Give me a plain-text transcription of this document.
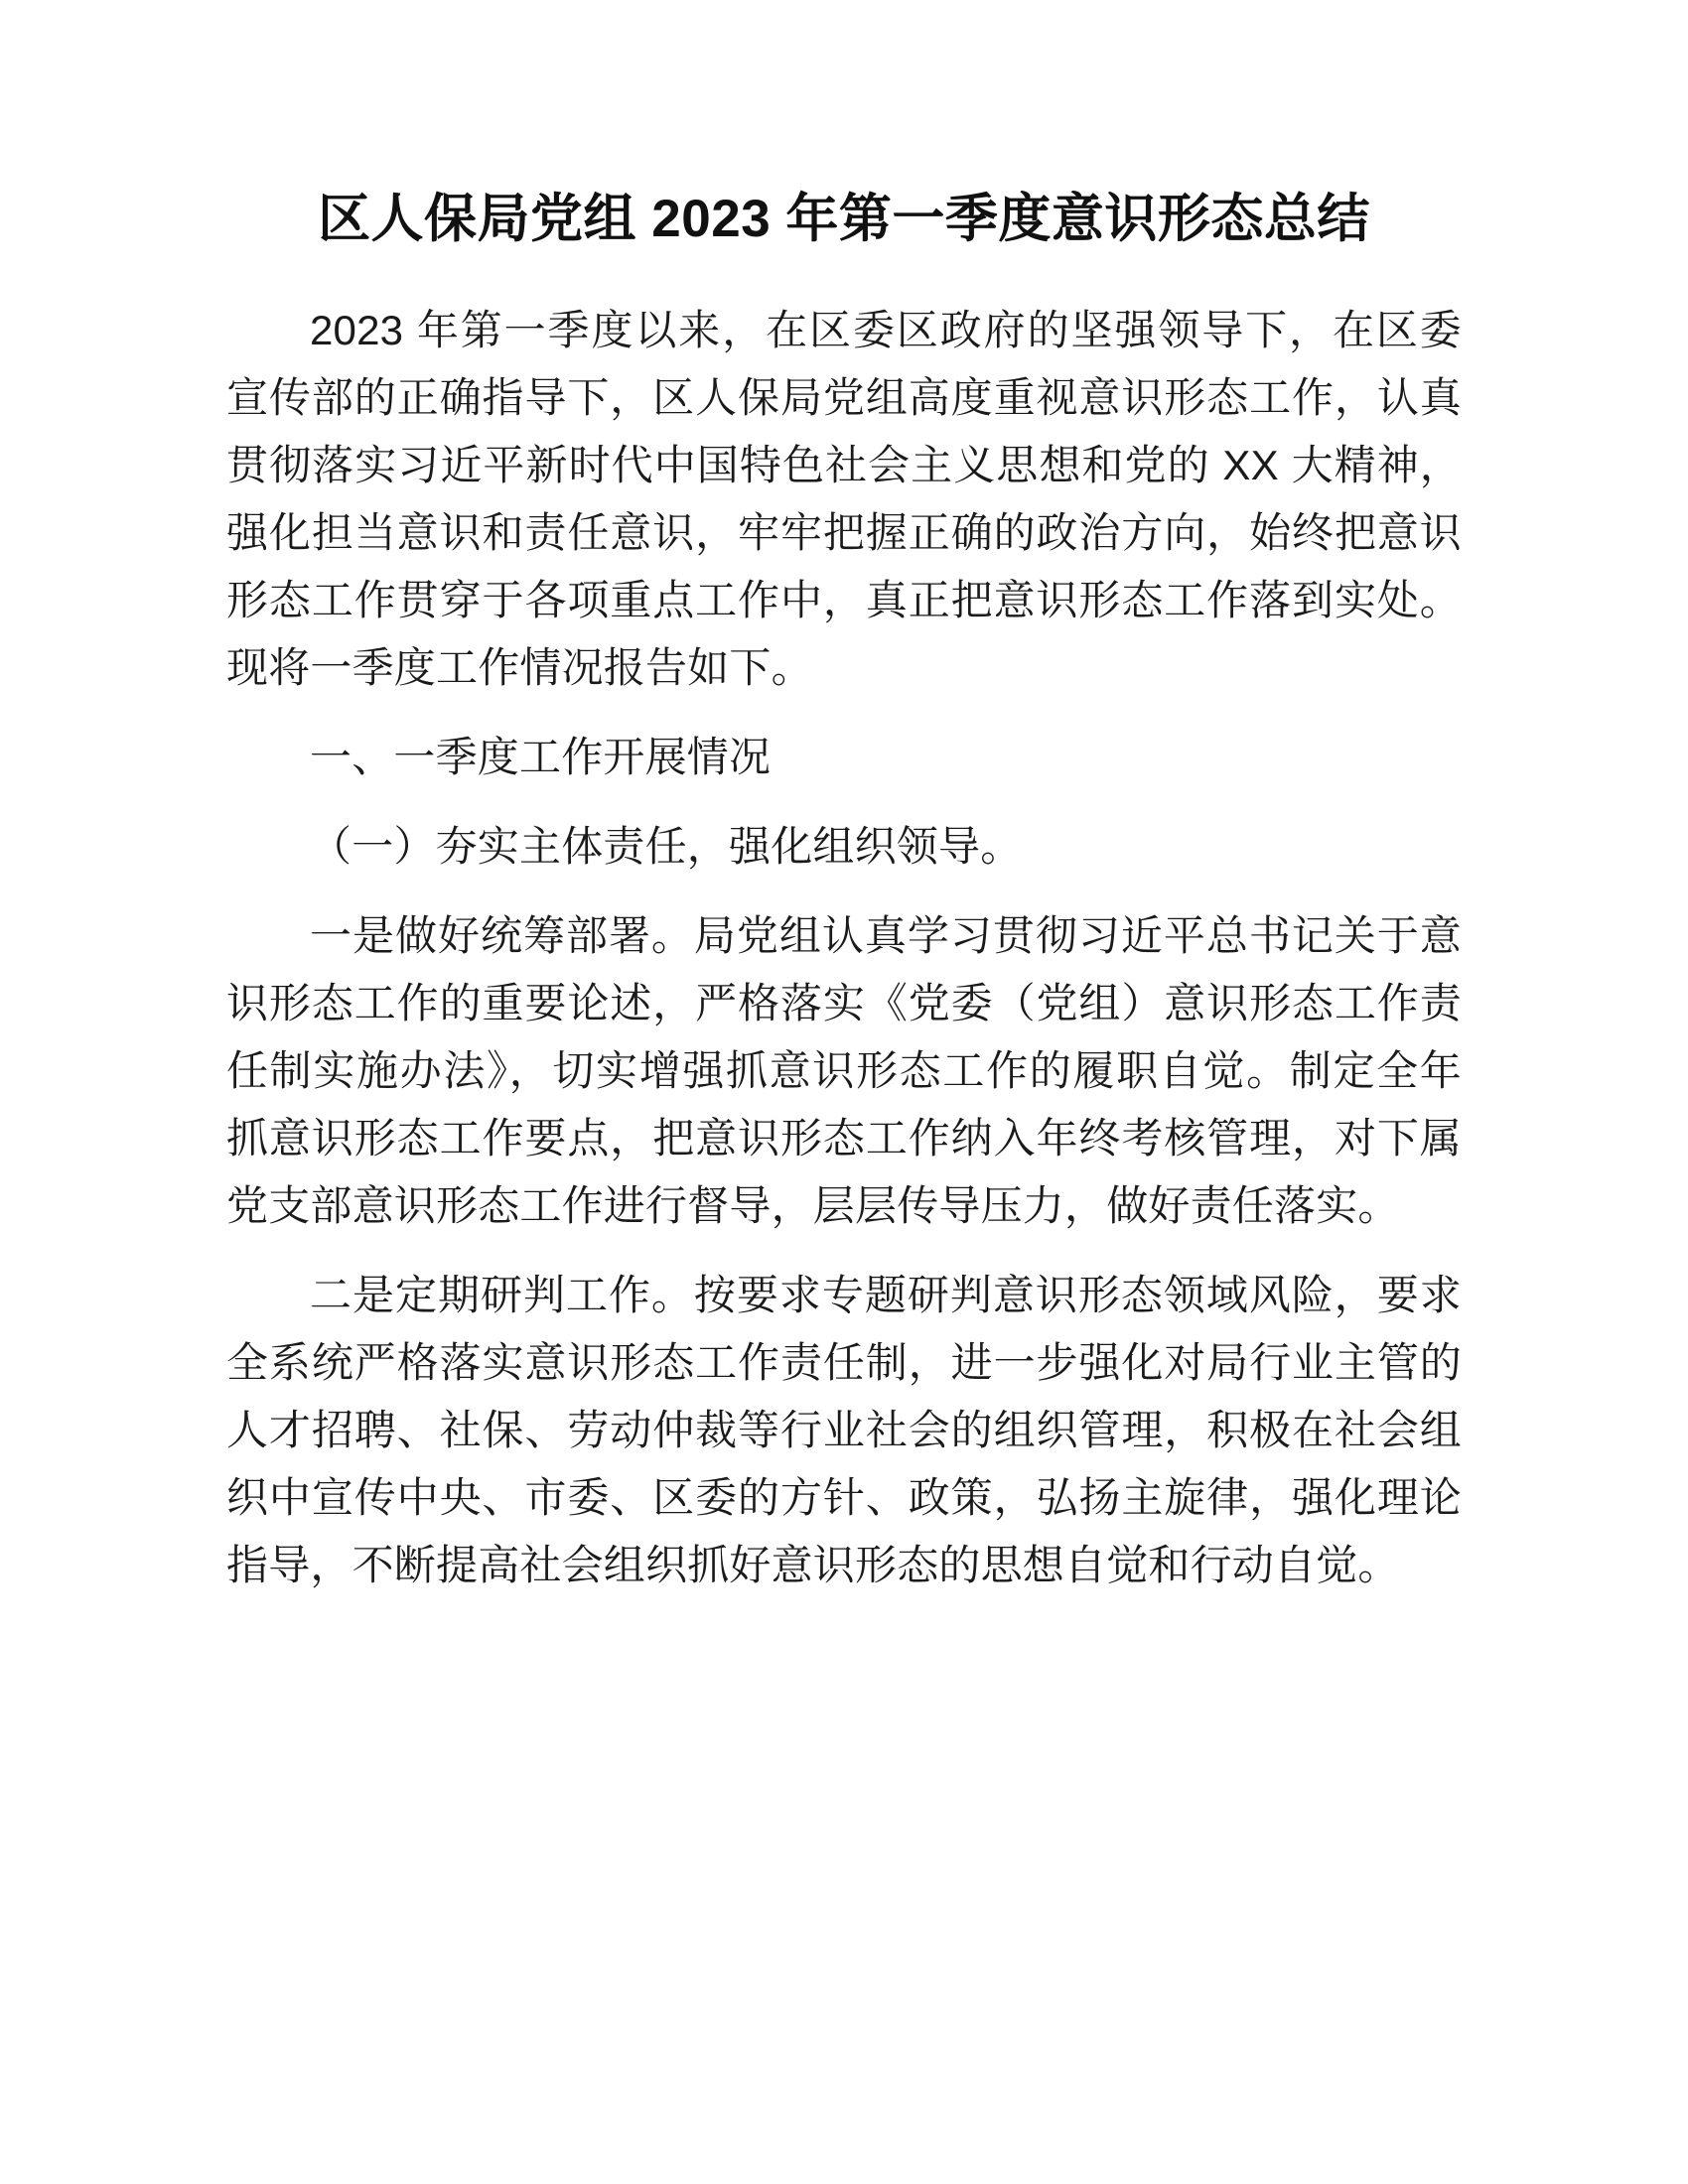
区人保局党组 2023 年第一季度意识形态总结

2023 年第一季度以来，在区委区政府的坚强领导下，在区委宣传部的正确指导下，区人保局党组高度重视意识形态工作，认真贯彻落实习近平新时代中国特色社会主义思想和党的 XX 大精神，强化担当意识和责任意识，牢牢把握正确的政治方向，始终把意识形态工作贯穿于各项重点工作中，真正把意识形态工作落到实处。现将一季度工作情况报告如下。

一、一季度工作开展情况

（一）夯实主体责任，强化组织领导。

一是做好统筹部署。局党组认真学习贯彻习近平总书记关于意识形态工作的重要论述，严格落实《党委（党组）意识形态工作责任制实施办法》，切实增强抓意识形态工作的履职自觉。制定全年抓意识形态工作要点，把意识形态工作纳入年终考核管理，对下属党支部意识形态工作进行督导，层层传导压力，做好责任落实。

二是定期研判工作。按要求专题研判意识形态领域风险，要求全系统严格落实意识形态工作责任制，进一步强化对局行业主管的人才招聘、社保、劳动仲裁等行业社会的组织管理，积极在社会组织中宣传中央、市委、区委的方针、政策，弘扬主旋律，强化理论指导，不断提高社会组织抓好意识形态的思想自觉和行动自觉。
